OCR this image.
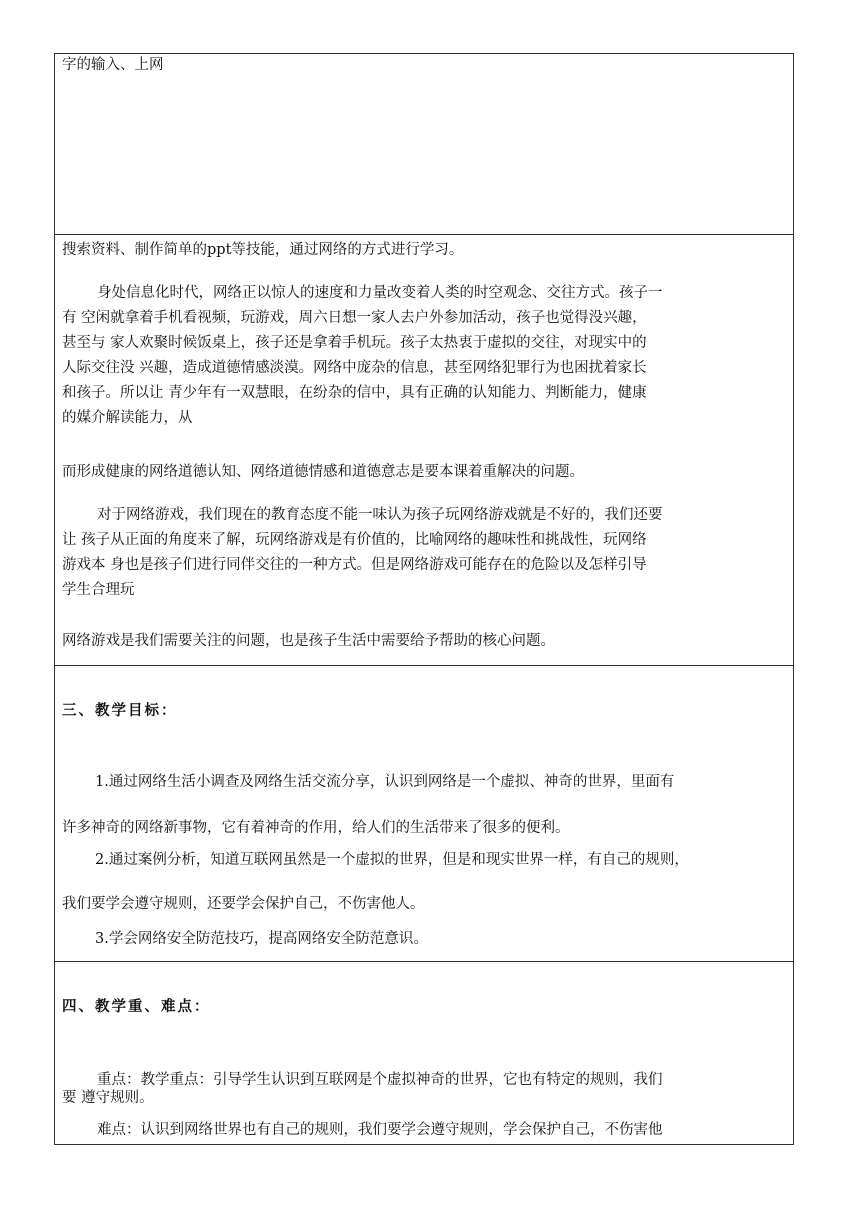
字的输入、上网

搜索资料、制作简单的ppt等技能，通过网络的方式进行学习。

身处信息化时代，网络正以惊人的速度和力量改变着人类的时空观念、交往方式。孩子一

有 空闲就拿着手机看视频，玩游戏，周六日想一家人去户外参加活动，孩子也觉得没兴趣，

甚至与 家人欢聚时候饭桌上，孩子还是拿着手机玩。孩子太热衷于虚拟的交往，对现实中的

人际交往没 兴趣，造成道德情感淡漠。网络中庞杂的信息，甚至网络犯罪行为也困扰着家长

和孩子。所以让 青少年有一双慧眼，在纷杂的信中，具有正确的认知能力、判断能力，健康

的媒介解读能力，从

而形成健康的网络道德认知、网络道德情感和道德意志是要本课着重解决的问题。

对于网络游戏，我们现在的教育态度不能一味认为孩子玩网络游戏就是不好的，我们还要

让 孩子从正面的角度来了解，玩网络游戏是有价值的，比喻网络的趣味性和挑战性，玩网络

游戏本 身也是孩子们进行同伴交往的一种方式。但是网络游戏可能存在的危险以及怎样引导

学生合理玩

网络游戏是我们需要关注的问题，也是孩子生活中需要给予帮助的核心问题。

三、教学目标：

1.通过网络生活小调查及网络生活交流分享，认识到网络是一个虚拟、神奇的世界，里面有

许多神奇的网络新事物，它有着神奇的作用，给人们的生活带来了很多的便利。

2.通过案例分析，知道互联网虽然是一个虚拟的世界，但是和现实世界一样，有自己的规则，

我们要学会遵守规则，还要学会保护自己，不伤害他人。

3.学会网络安全防范技巧，提高网络安全防范意识。

四、教学重、难点：

重点：教学重点：引导学生认识到互联网是个虚拟神奇的世界，它也有特定的规则，我们

要 遵守规则。

难点：认识到网络世界也有自己的规则，我们要学会遵守规则，学会保护自己，不伤害他
